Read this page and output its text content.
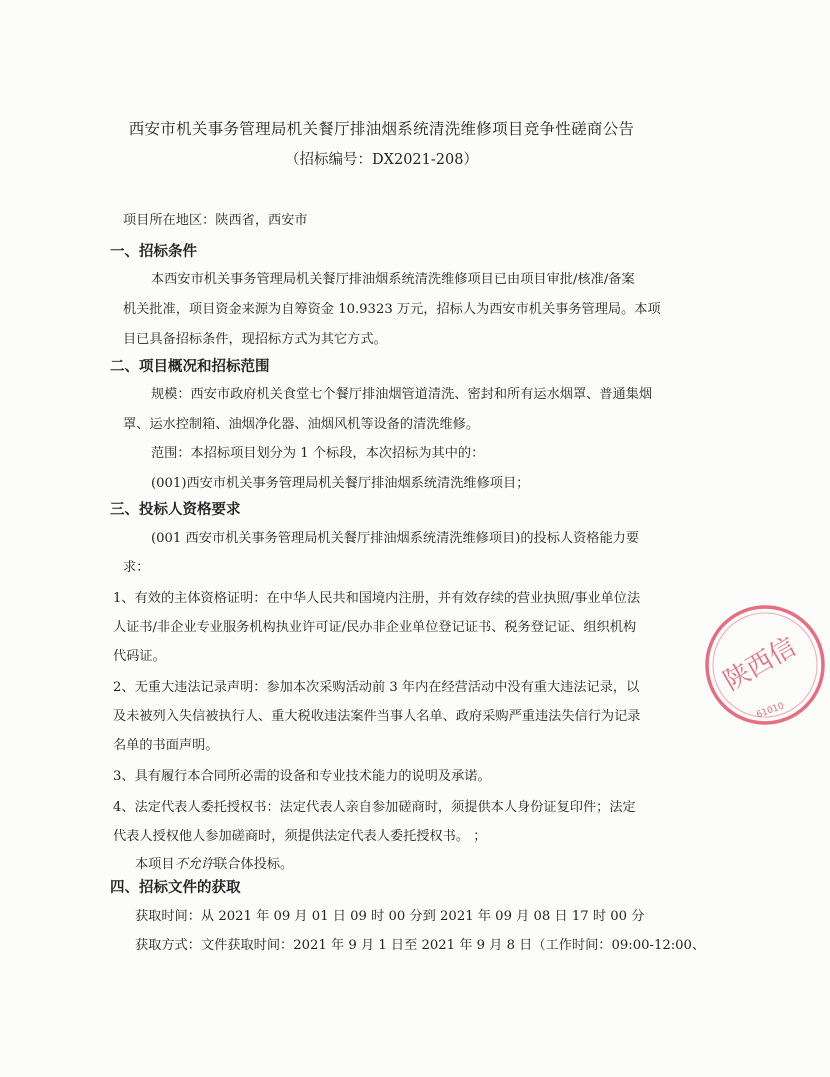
西安市机关事务管理局机关餐厅排油烟系统清洗维修项目竞争性磋商公告
（招标编号：DX2021-208）
项目所在地区：陕西省，西安市
一、招标条件
本西安市机关事务管理局机关餐厅排油烟系统清洗维修项目已由项目审批/核准/备案
机关批准，项目资金来源为自筹资金 10.9323 万元，招标人为西安市机关事务管理局。本项
目已具备招标条件，现招标方式为其它方式。
二、项目概况和招标范围
规模：西安市政府机关食堂七个餐厅排油烟管道清洗、密封和所有运水烟罩、普通集烟
罩、运水控制箱、油烟净化器、油烟风机等设备的清洗维修。
范围：本招标项目划分为 1 个标段，本次招标为其中的：
(001)西安市机关事务管理局机关餐厅排油烟系统清洗维修项目；
三、投标人资格要求
(001 西安市机关事务管理局机关餐厅排油烟系统清洗维修项目)的投标人资格能力要
求：
1、有效的主体资格证明：在中华人民共和国境内注册，并有效存续的营业执照/事业单位法
人证书/非企业专业服务机构执业许可证/民办非企业单位登记证书、税务登记证、组织机构
代码证。
2、无重大违法记录声明：参加本次采购活动前 3 年内在经营活动中没有重大违法记录，以
及未被列入失信被执行人、重大税收违法案件当事人名单、政府采购严重违法失信行为记录
名单的书面声明。
3、具有履行本合同所必需的设备和专业技术能力的说明及承诺。
4、法定代表人委托授权书：法定代表人亲自参加磋商时，须提供本人身份证复印件；法定
代表人授权他人参加磋商时，须提供法定代表人委托授权书。 ；
本项目不允许联合体投标。
四、招标文件的获取
获取时间：从 2021 年 09 月 01 日 09 时 00 分到 2021 年 09 月 08 日 17 时 00 分
获取方式：文件获取时间：2021 年 9 月 1 日至 2021 年 9 月 8 日（工作时间：09:00-12:00、
陕西信
61010
